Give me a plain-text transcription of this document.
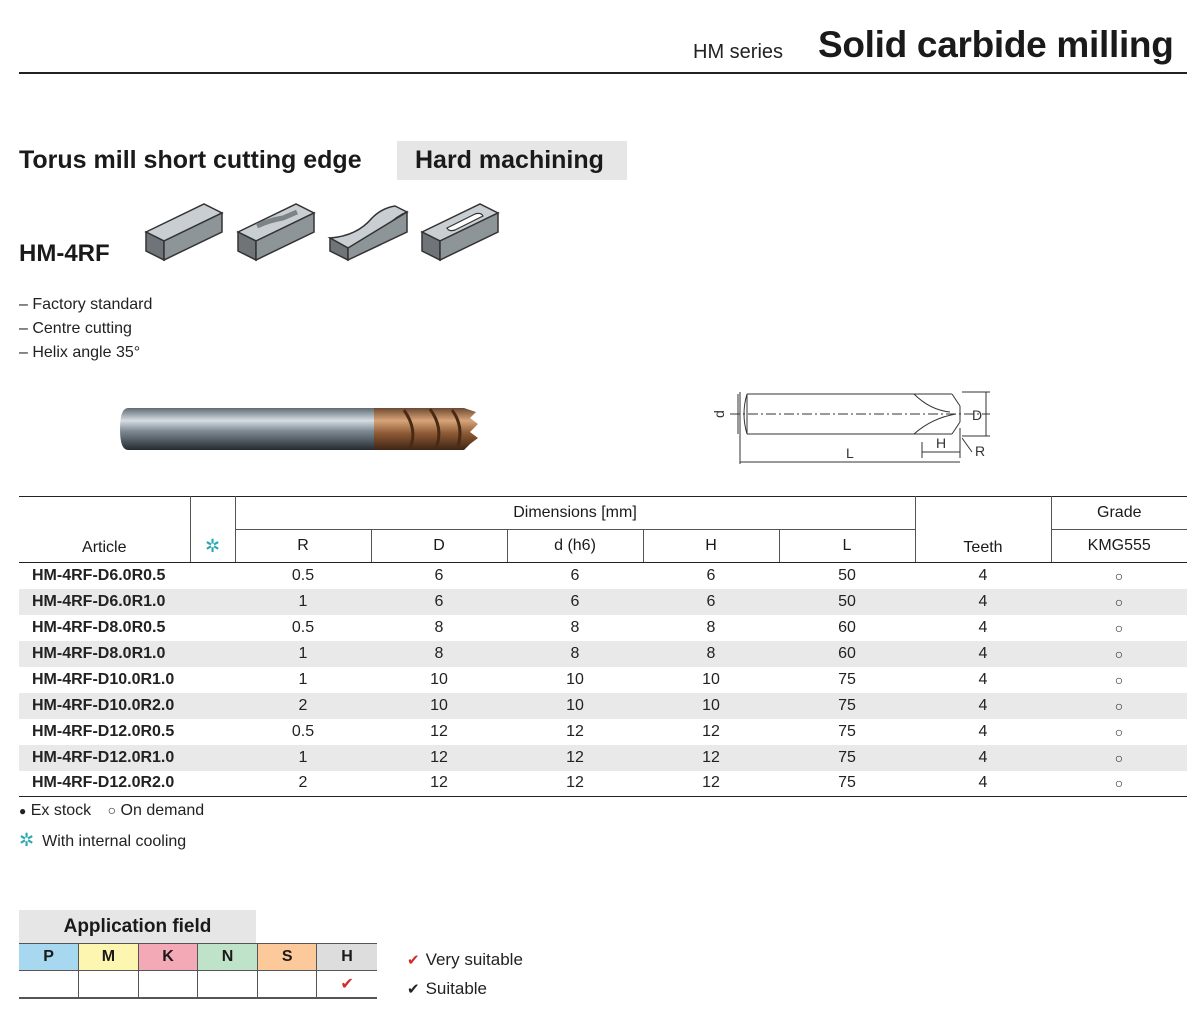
HM series Solid carbide milling
Torus mill short cutting edge	Hard machining
HM-4RF
– Factory standard
– Centre cutting
– Helix angle 35°
d	D
H
L	R
Article	✲	Dimensions [mm]					Teeth	Grade
		R	D	d (h6)	H	L		KMG555
HM-4RF-D6.0R0.5		0.5	6	6	6	50	4	○
HM-4RF-D6.0R1.0		1	6	6	6	50	4	○
HM-4RF-D8.0R0.5		0.5	8	8	8	60	4	○
HM-4RF-D8.0R1.0		1	8	8	8	60	4	○
HM-4RF-D10.0R1.0		1	10	10	10	75	4	○
HM-4RF-D10.0R2.0		2	10	10	10	75	4	○
HM-4RF-D12.0R0.5		0.5	12	12	12	75	4	○
HM-4RF-D12.0R1.0		1	12	12	12	75	4	○
HM-4RF-D12.0R2.0		2	12	12	12	75	4	○
● Ex stock ○ On demand
✲ With internal cooling
Application field
P	M	K	N	S	H
					✔
✔ Very suitable
✔ Suitable
